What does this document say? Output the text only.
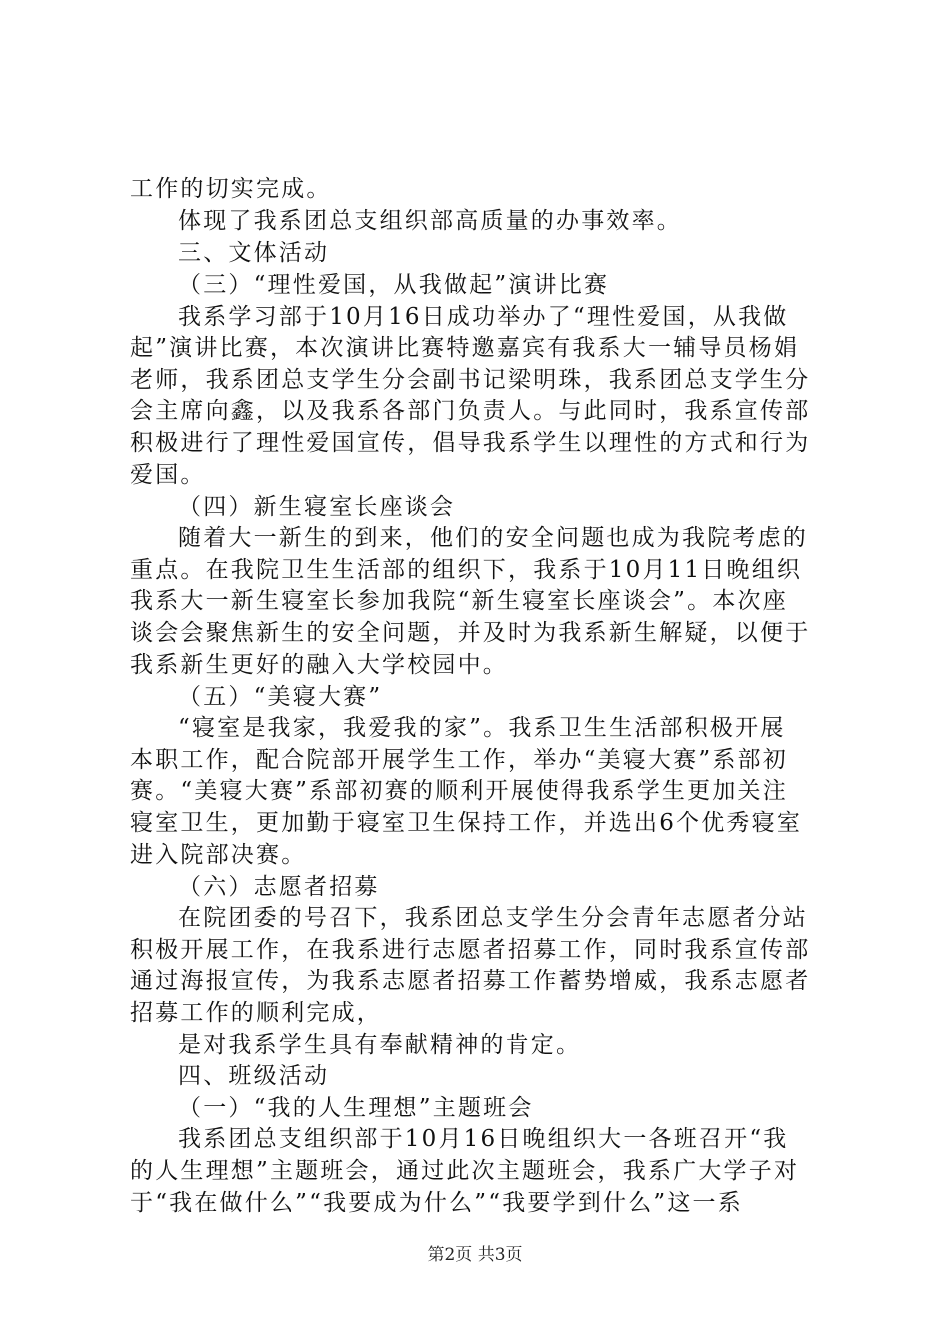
工作的切实完成。
体现了我系团总支组织部高质量的办事效率。
三、文体活动
（三）“理性爱国，从我做起”演讲比赛
我系学习部于10月16日成功举办了“理性爱国，从我做
起”演讲比赛，本次演讲比赛特邀嘉宾有我系大一辅导员杨娟
老师，我系团总支学生分会副书记梁明珠，我系团总支学生分
会主席向鑫，以及我系各部门负责人。与此同时，我系宣传部
积极进行了理性爱国宣传，倡导我系学生以理性的方式和行为
爱国。
（四）新生寝室长座谈会
随着大一新生的到来，他们的安全问题也成为我院考虑的
重点。在我院卫生生活部的组织下，我系于10月11日晚组织
我系大一新生寝室长参加我院“新生寝室长座谈会”。本次座
谈会会聚焦新生的安全问题，并及时为我系新生解疑，以便于
我系新生更好的融入大学校园中。
（五）“美寝大赛”
“寝室是我家，我爱我的家”。我系卫生生活部积极开展
本职工作，配合院部开展学生工作，举办“美寝大赛”系部初
赛。“美寝大赛”系部初赛的顺利开展使得我系学生更加关注
寝室卫生，更加勤于寝室卫生保持工作，并选出6个优秀寝室
进入院部决赛。
（六）志愿者招募
在院团委的号召下，我系团总支学生分会青年志愿者分站
积极开展工作，在我系进行志愿者招募工作，同时我系宣传部
通过海报宣传，为我系志愿者招募工作蓄势增威，我系志愿者
招募工作的顺利完成，
是对我系学生具有奉献精神的肯定。
四、班级活动
（一）“我的人生理想”主题班会
我系团总支组织部于10月16日晚组织大一各班召开“我
的人生理想”主题班会，通过此次主题班会，我系广大学子对
于“我在做什么”“我要成为什么”“我要学到什么”这一系
第2页 共3页
